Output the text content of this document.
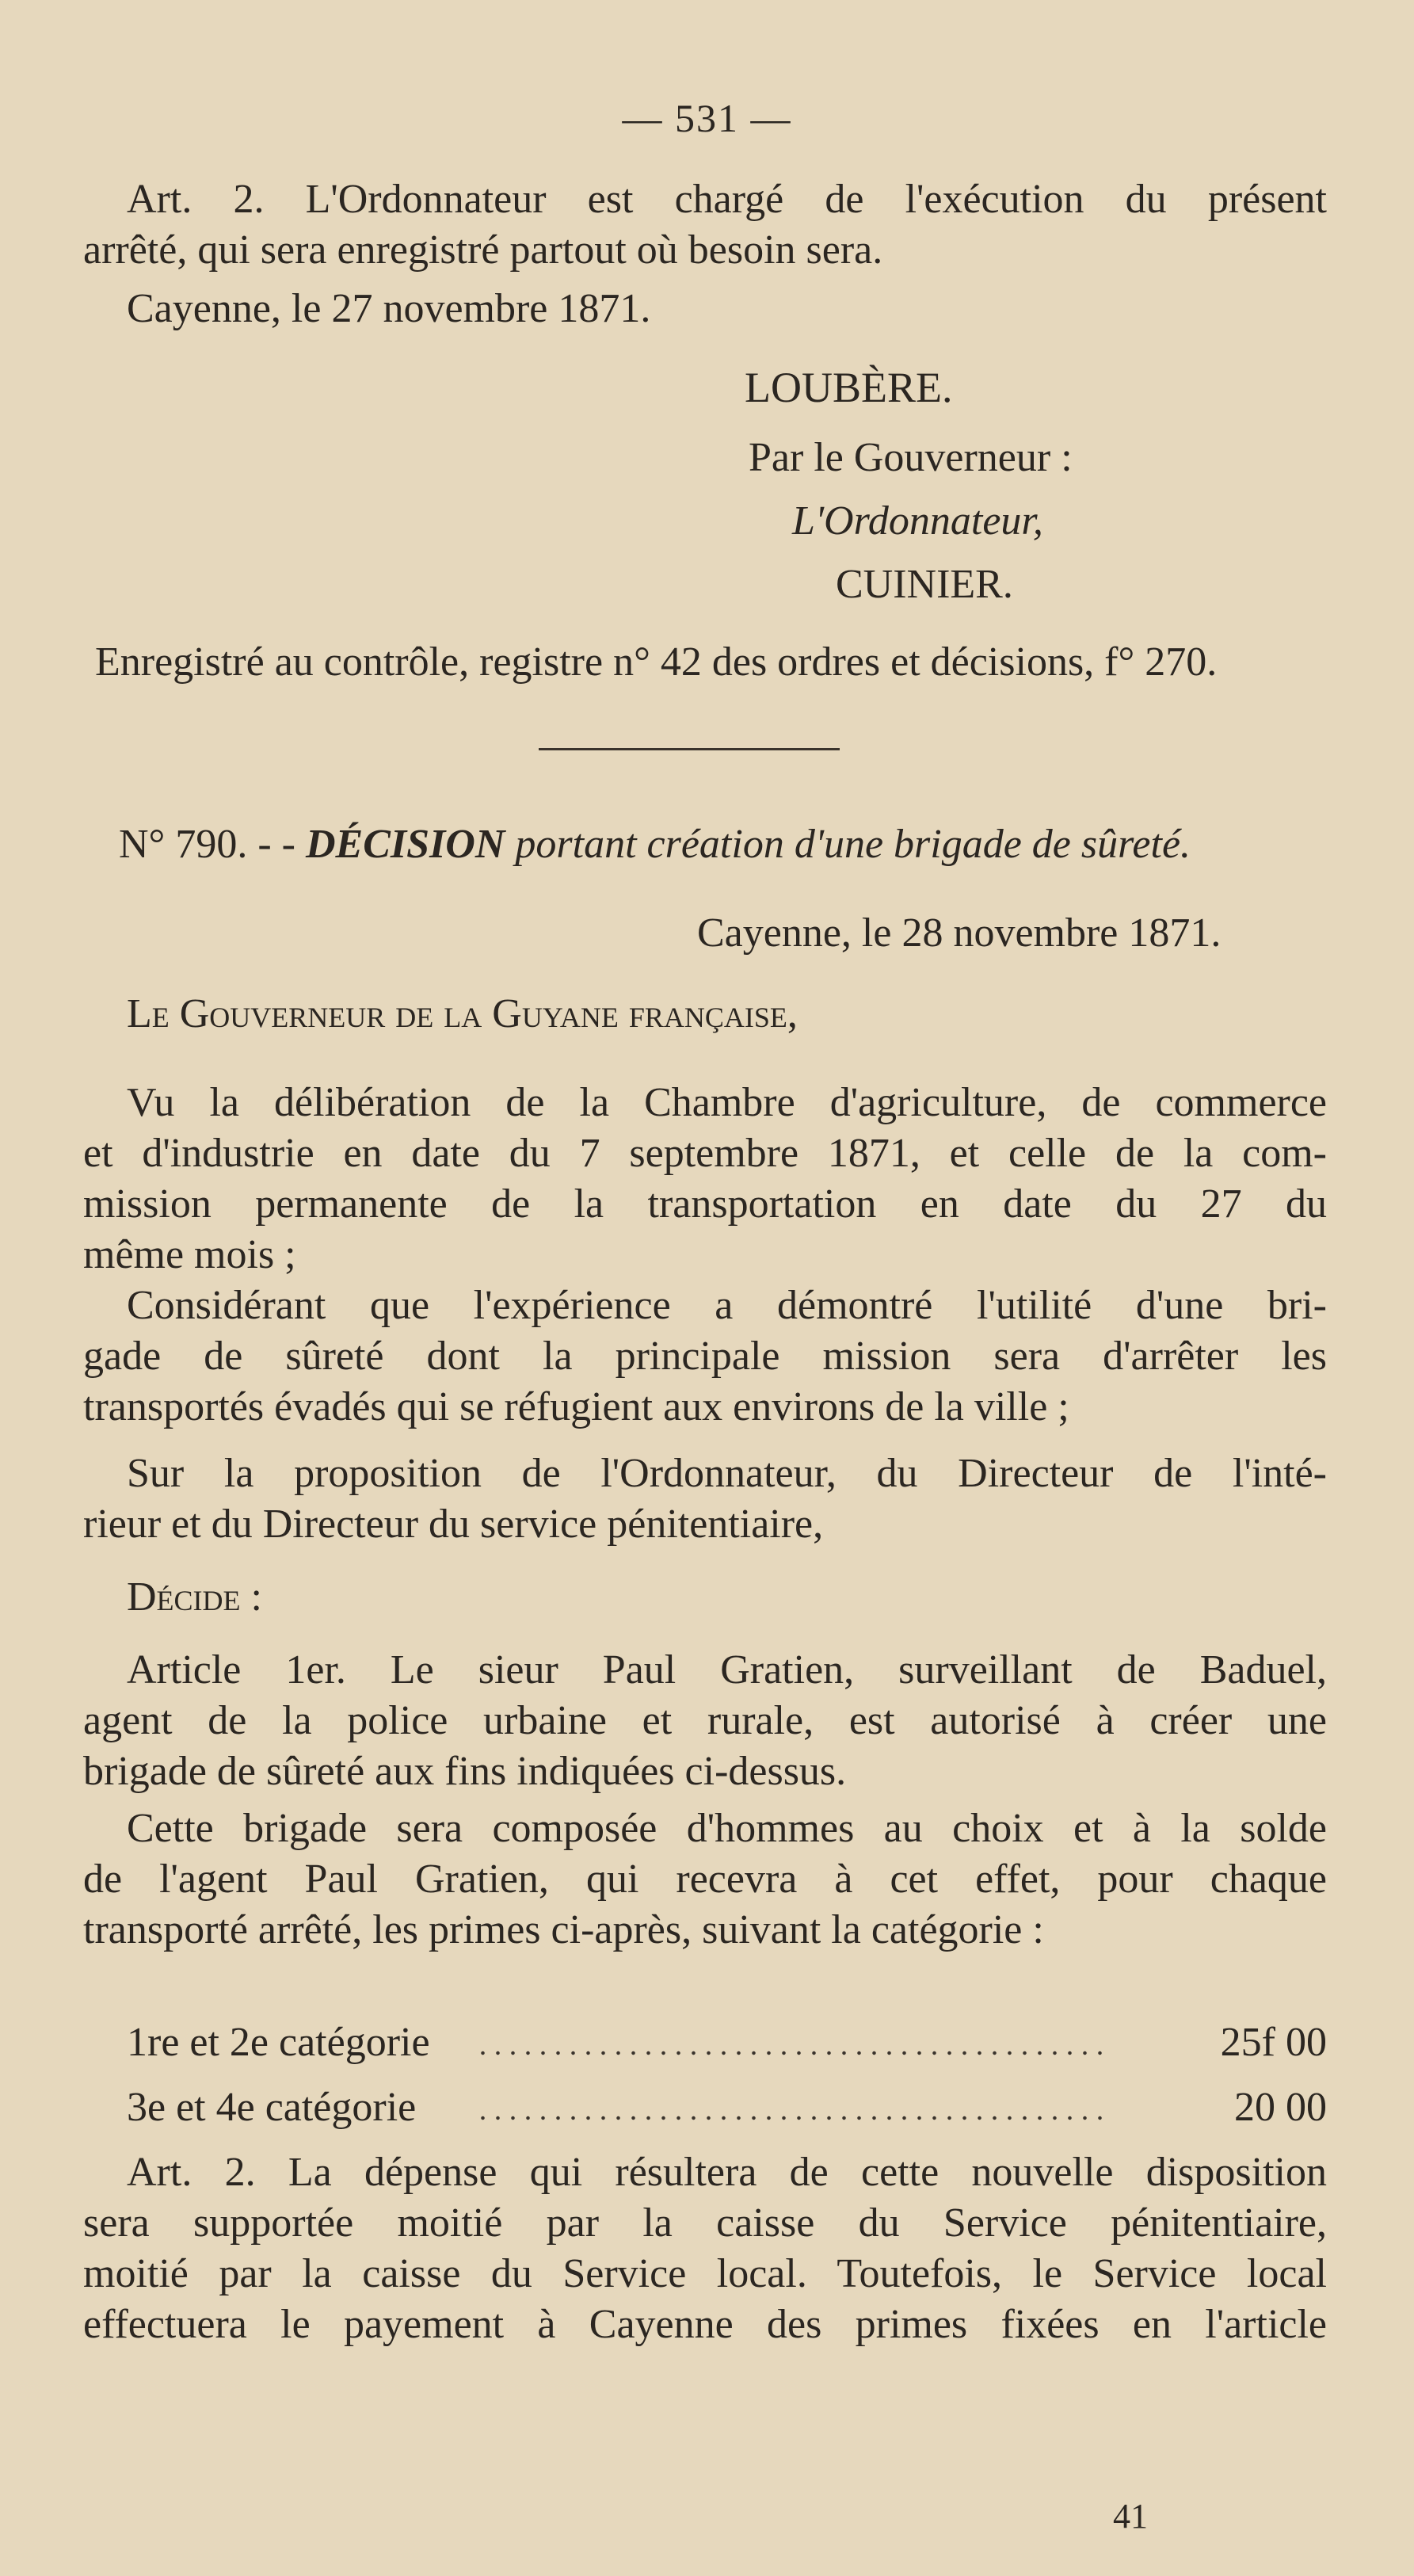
— 531 —
Art. 2. L'Ordonnateur est chargé de l'exécution du présent
arrêté, qui sera enregistré partout où besoin sera.
Cayenne, le 27 novembre 1871.
LOUBÈRE.
Par le Gouverneur :
L'Ordonnateur,
CUINIER.
Enregistré au contrôle, registre n° 42 des ordres et décisions, f° 270.
N° 790. - - DÉCISION portant création d'une brigade de sûreté.
Cayenne, le 28 novembre 1871.
Le Gouverneur de la Guyane française,
Vu la délibération de la Chambre d'agriculture, de commerce
et d'industrie en date du 7 septembre 1871, et celle de la com-
mission permanente de la transportation en date du 27 du
même mois ;
Considérant que l'expérience a démontré l'utilité d'une bri-
gade de sûreté dont la principale mission sera d'arrêter les
transportés évadés qui se réfugient aux environs de la ville ;
Sur la proposition de l'Ordonnateur, du Directeur de l'inté-
rieur et du Directeur du service pénitentiaire,
Décide :
Article 1er. Le sieur Paul Gratien, surveillant de Baduel,
agent de la police urbaine et rurale, est autorisé à créer une
brigade de sûreté aux fins indiquées ci-dessus.
Cette brigade sera composée d'hommes au choix et à la solde
de l'agent Paul Gratien, qui recevra à cet effet, pour chaque
transporté arrêté, les primes ci-après, suivant la catégorie :
1re et 2e catégorie	25f 00
3e et 4e catégorie	20 00
Art. 2. La dépense qui résultera de cette nouvelle disposition
sera supportée moitié par la caisse du Service pénitentiaire,
moitié par la caisse du Service local. Toutefois, le Service local
effectuera le payement à Cayenne des primes fixées en l'article
41
